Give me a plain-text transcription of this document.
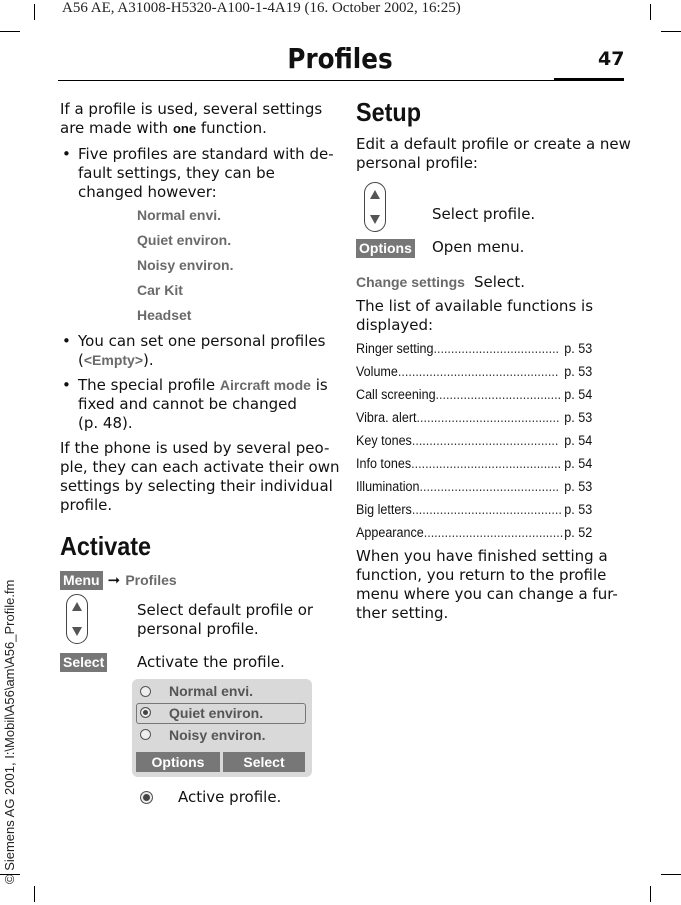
A56 AE, A31008-H5320-A100-1-4A19 (16. October 2002, 16:25)
© Siemens AG 2001, I:\Mobil\A56\am\A56_Profile.fm
Profiles	47
If a profile is used, several settings
are made with one function.
• Five profiles are standard with de-
fault settings, they can be
changed however:
Normal envi.
Quiet environ.
Noisy environ.
Car Kit
Headset
• You can set one personal profiles
(<Empty>).
• The special profile Aircraft mode is
fixed and cannot be changed
(p. 48).
If the phone is used by several peo-
ple, they can each activate their own
settings by selecting their individual
profile.
Activate
Menu ➞ Profiles
Select default profile or
personal profile.
Select Activate the profile.
Normal envi.
Quiet environ.
Noisy environ.
Options	Select
Active profile.
Setup
Edit a default profile or create a new
personal profile:
Select profile.
Options Open menu.
Change settings Select.
The list of available functions is
displayed:
Ringer setting .................................... p. 53
Volume .............................................. p. 53
Call screening .................................... p. 54
Vibra. alert ......................................... p. 53
Key tones .......................................... p. 54
Info tones ........................................... p. 54
Illumination ........................................ p. 53
Big letters ........................................... p. 53
Appearance ........................................ p. 52
When you have finished setting a
function, you return to the profile
menu where you can change a fur-
ther setting.
